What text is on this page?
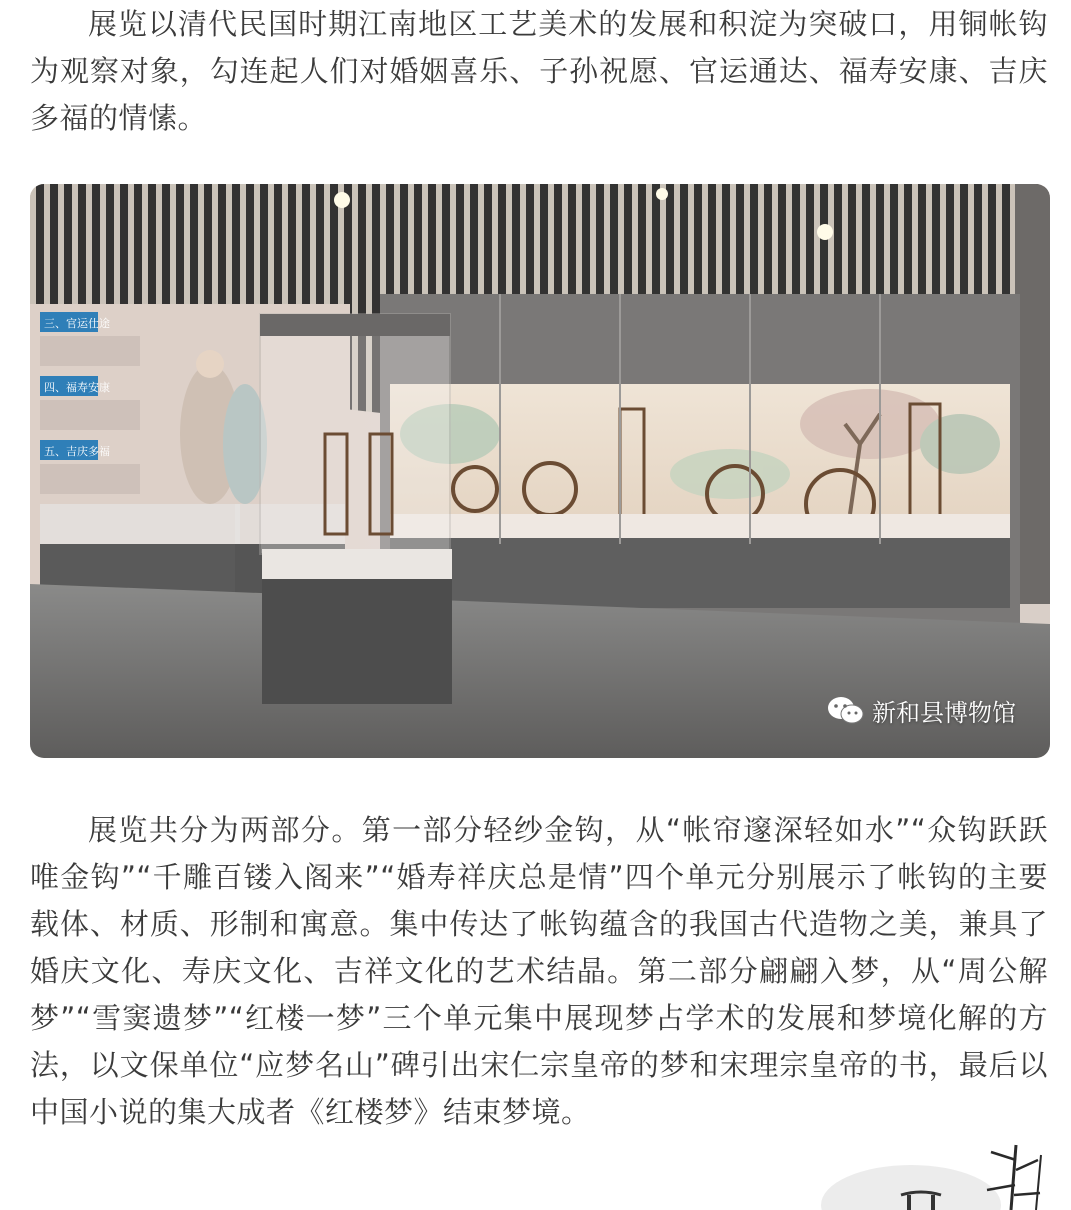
展览以清代民国时期江南地区工艺美术的发展和积淀为突破口，用铜帐钩为观察对象，勾连起人们对婚姻喜乐、子孙祝愿、官运通达、福寿安康、吉庆多福的情愫。

三、官运仕途
四、福寿安康
五、吉庆多福
新和县博物馆

展览共分为两部分。第一部分轻纱金钩，从“帐帘邃深轻如水”“众钩跃跃唯金钩”“千雕百镂入阁来”“婚寿祥庆总是情”四个单元分别展示了帐钩的主要载体、材质、形制和寓意。集中传达了帐钩蕴含的我国古代造物之美，兼具了婚庆文化、寿庆文化、吉祥文化的艺术结晶。第二部分翩翩入梦，从“周公解梦”“雪窦遗梦”“红楼一梦”三个单元集中展现梦占学术的发展和梦境化解的方法，以文保单位“应梦名山”碑引出宋仁宗皇帝的梦和宋理宗皇帝的书，最后以中国小说的集大成者《红楼梦》结束梦境。
